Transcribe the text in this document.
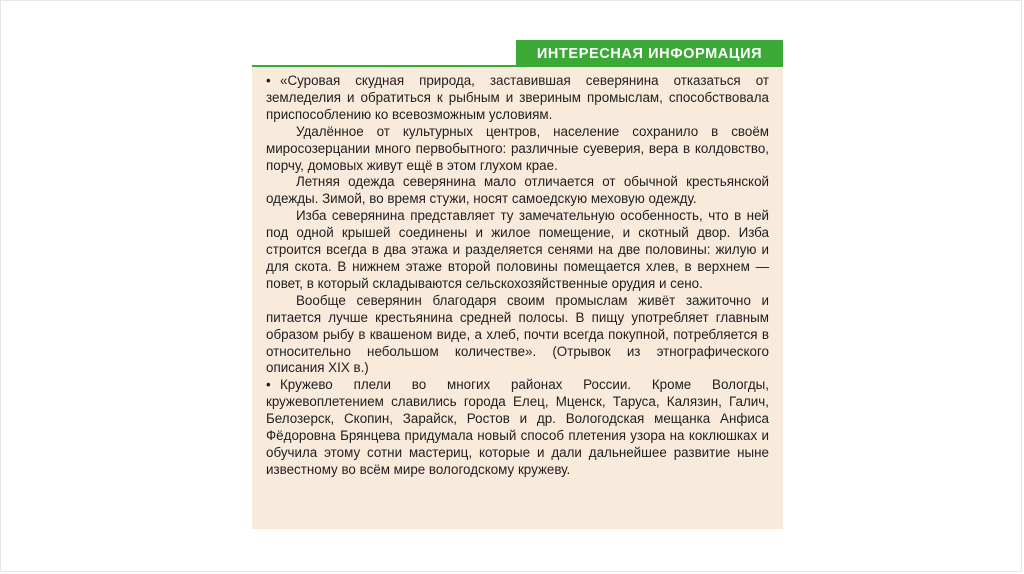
ИНТЕРЕСНАЯ ИНФОРМАЦИЯ

• «Суровая скудная природа, заставившая северянина отказаться от земледелия и обратиться к рыбным и звериным промыслам, способствовала приспособлению ко всевозможным условиям.

Удалённое от культурных центров, население сохранило в своём миросозерцании много первобытного: различные суеверия, вера в колдовство, порчу, домовых живут ещё в этом глухом крае.

Летняя одежда северянина мало отличается от обычной крестьянской одежды. Зимой, во время стужи, носят самоедскую меховую одежду.

Изба северянина представляет ту замечательную особенность, что в ней под одной крышей соединены и жилое помещение, и скотный двор. Изба строится всегда в два этажа и разделяется сенями на две половины: жилую и для скота. В нижнем этаже второй половины помещается хлев, в верхнем — повет, в который складываются сельскохозяйственные орудия и сено.

Вообще северянин благодаря своим промыслам живёт зажиточно и питается лучше крестьянина средней полосы. В пищу употребляет главным образом рыбу в квашеном виде, а хлеб, почти всегда покупной, потребляется в относительно небольшом количестве». (Отрывок из этнографического описания XIX в.)

• Кружево плели во многих районах России. Кроме Вологды, кружевоплетением славились города Елец, Мценск, Таруса, Калязин, Галич, Белозерск, Скопин, Зарайск, Ростов и др. Вологодская мещанка Анфиса Фёдоровна Брянцева придумала новый способ плетения узора на коклюшках и обучила этому сотни мастериц, которые и дали дальнейшее развитие ныне известному во всём мире вологодскому кружеву.
